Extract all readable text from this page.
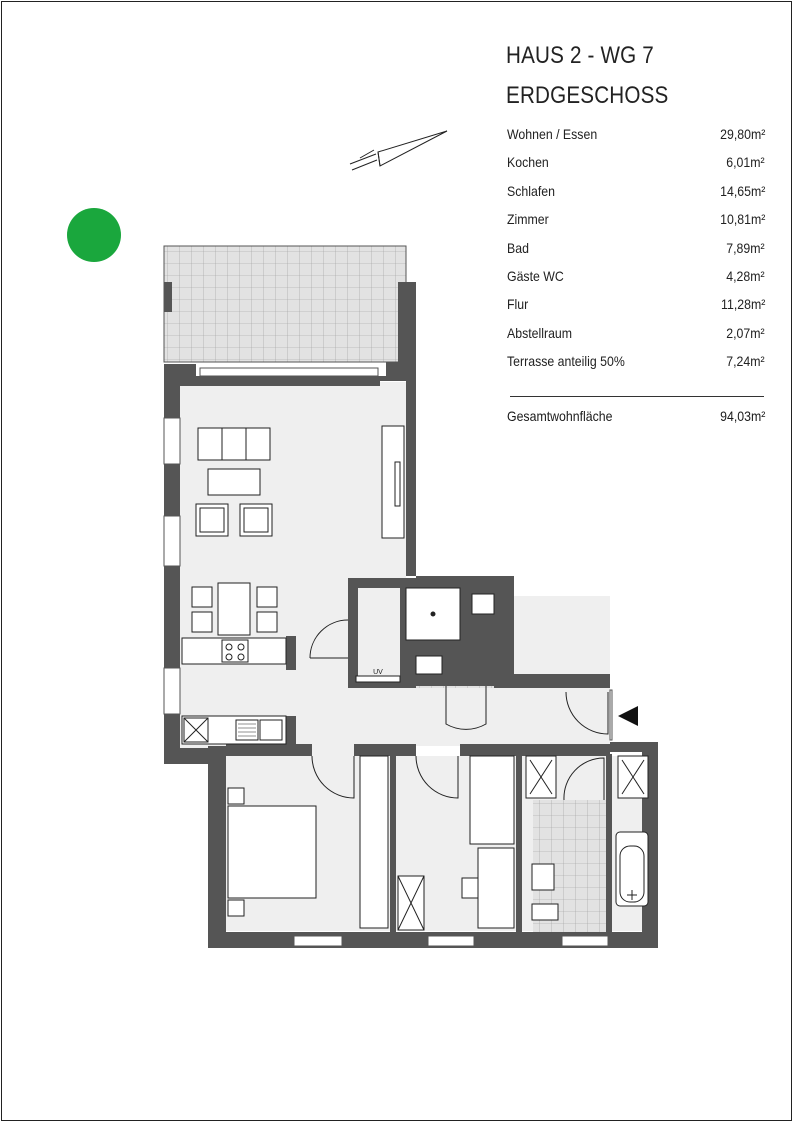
HAUS 2 - WG 7
ERDGESCHOSS
Wohnen / Essen	29,80m²
Kochen	6,01m²
Schlafen	14,65m²
Zimmer	10,81m²
Bad	7,89m²
Gäste WC	4,28m²
Flur	11,28m²
Abstellraum	2,07m²
Terrasse anteilig 50%	7,24m²
Gesamtwohnfläche	94,03m²
UV
